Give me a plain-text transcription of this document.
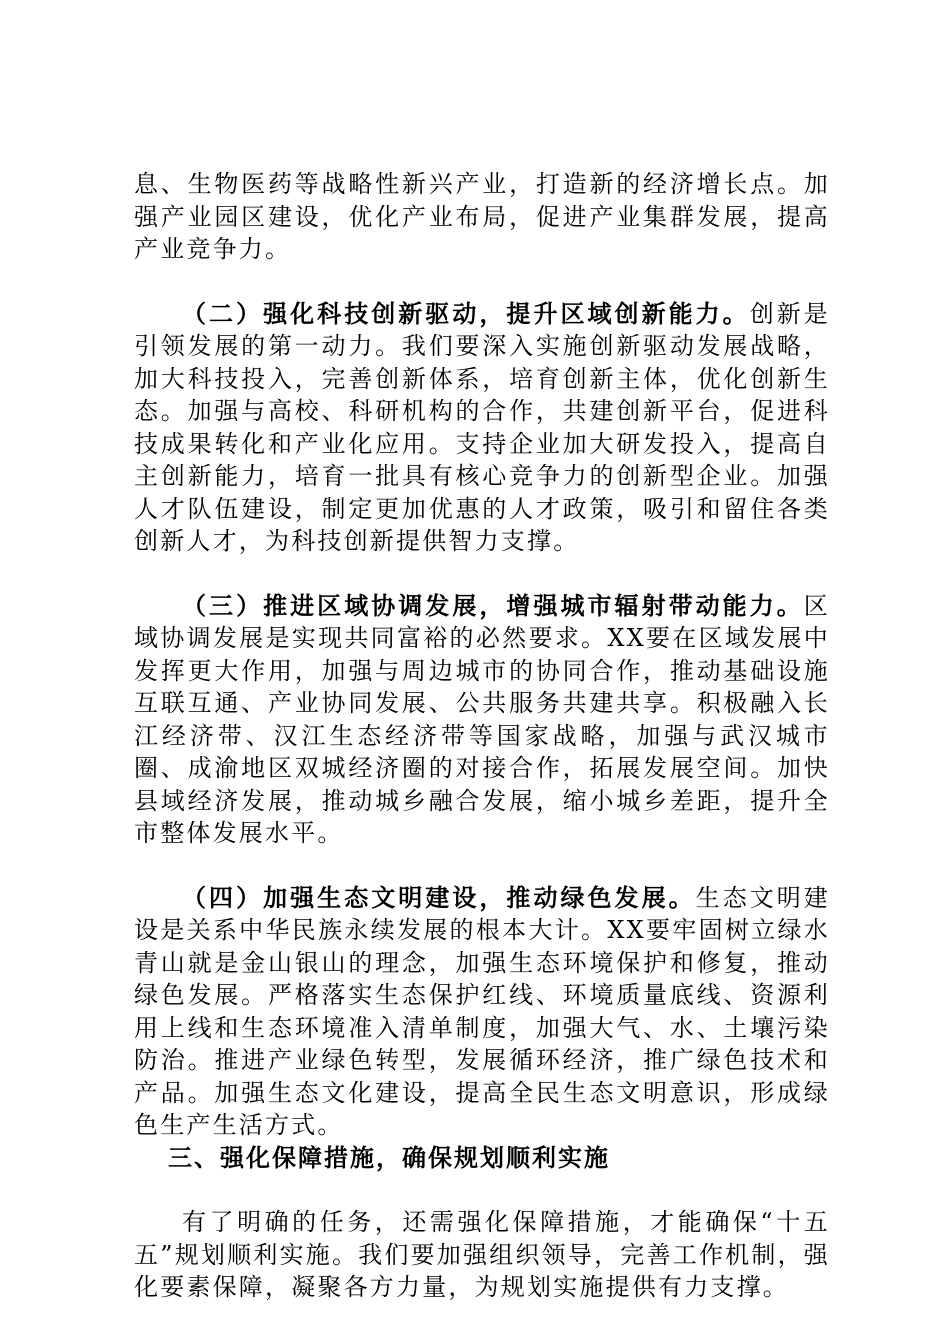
息、生物医药等战略性新兴产业，打造新的经济增长点。加强产业园区建设，优化产业布局，促进产业集群发展，提高产业竞争力。

（二）强化科技创新驱动，提升区域创新能力。创新是引领发展的第一动力。我们要深入实施创新驱动发展战略，加大科技投入，完善创新体系，培育创新主体，优化创新生态。加强与高校、科研机构的合作，共建创新平台，促进科技成果转化和产业化应用。支持企业加大研发投入，提高自主创新能力，培育一批具有核心竞争力的创新型企业。加强人才队伍建设，制定更加优惠的人才政策，吸引和留住各类创新人才，为科技创新提供智力支撑。

（三）推进区域协调发展，增强城市辐射带动能力。区域协调发展是实现共同富裕的必然要求。XX要在区域发展中发挥更大作用，加强与周边城市的协同合作，推动基础设施互联互通、产业协同发展、公共服务共建共享。积极融入长江经济带、汉江生态经济带等国家战略，加强与武汉城市圈、成渝地区双城经济圈的对接合作，拓展发展空间。加快县域经济发展，推动城乡融合发展，缩小城乡差距，提升全市整体发展水平。

（四）加强生态文明建设，推动绿色发展。生态文明建设是关系中华民族永续发展的根本大计。XX要牢固树立绿水青山就是金山银山的理念，加强生态环境保护和修复，推动绿色发展。严格落实生态保护红线、环境质量底线、资源利用上线和生态环境准入清单制度，加强大气、水、土壤污染防治。推进产业绿色转型，发展循环经济，推广绿色技术和产品。加强生态文化建设，提高全民生态文明意识，形成绿色生产生活方式。

三、强化保障措施，确保规划顺利实施

有了明确的任务，还需强化保障措施，才能确保“十五五”规划顺利实施。我们要加强组织领导，完善工作机制，强化要素保障，凝聚各方力量，为规划实施提供有力支撑。
